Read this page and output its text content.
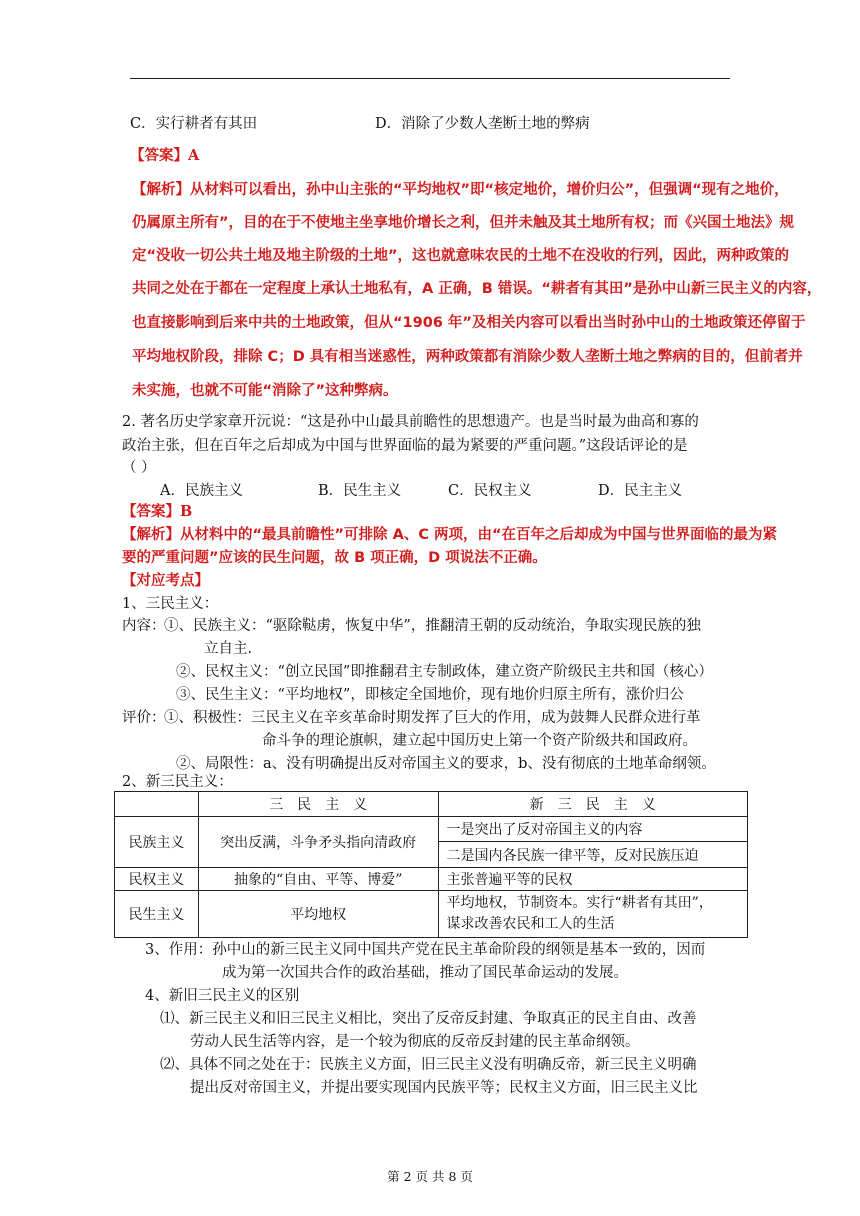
C．实行耕者有其田	D．消除了少数人垄断土地的弊病
【答案】A
【解析】从材料可以看出，孙中山主张的“平均地权”即“核定地价，增价归公”，但强调“现有之地价，
仍属原主所有”，目的在于不使地主坐享地价增长之利，但并未触及其土地所有权；而《兴国土地法》规
定“没收一切公共土地及地主阶级的土地”，这也就意味农民的土地不在没收的行列，因此，两种政策的
共同之处在于都在一定程度上承认土地私有，A 正确，B 错误。“耕者有其田”是孙中山新三民主义的内容，
也直接影响到后来中共的土地政策，但从“1906 年”及相关内容可以看出当时孙中山的土地政策还停留于
平均地权阶段，排除 C；D 具有相当迷惑性，两种政策都有消除少数人垄断土地之弊病的目的，但前者并
未实施，也就不可能“消除了”这种弊病。
2. 著名历史学家章开沅说：“这是孙中山最具前瞻性的思想遗产。也是当时最为曲高和寡的
政治主张，但在百年之后却成为中国与世界面临的最为紧要的严重问题。”这段话评论的是
（ ）
A．民族主义	B．民生主义	C．民权主义	D．民主主义
【答案】B
【解析】从材料中的“最具前瞻性”可排除 A、C 两项，由“在百年之后却成为中国与世界面临的最为紧
要的严重问题”应该的民生问题，故 B 项正确，D 项说法不正确。
【对应考点】
1、三民主义：
内容：
①、民族主义：“驱除鞑虏，恢复中华”，推翻清王朝的反动统治，争取实现民族的独
立自主.
②、民权主义：“创立民国”即推翻君主专制政体，建立资产阶级民主共和国（核心）
③、民生主义：“平均地权”，即核定全国地价，现有地价归原主所有，涨价归公
评价：
①、积极性：三民主义在辛亥革命时期发挥了巨大的作用，成为鼓舞人民群众进行革
命斗争的理论旗帜，建立起中国历史上第一个资产阶级共和国政府。
②、局限性：a、没有明确提出反对帝国主义的要求，b、没有彻底的土地革命纲领。
2、新三民主义：
	三　民　主　义	新　三　民　主　义
民族主义	突出反满，斗争矛头指向清政府	一是突出了反对帝国主义的内容
		二是国内各民族一律平等，反对民族压迫
民权主义	抽象的“自由、平等、博爱”	主张普遍平等的民权
民生主义	平均地权	平均地权，节制资本。实行“耕者有其田”，
谋求改善农民和工人的生活
3、作用：孙中山的新三民主义同中国共产党在民主革命阶段的纲领是基本一致的，因而
成为第一次国共合作的政治基础，推动了国民革命运动的发展。
4、新旧三民主义的区别
⑴、新三民主义和旧三民主义相比，突出了反帝反封建、争取真正的民主自由、改善
劳动人民生活等内容，是一个较为彻底的反帝反封建的民主革命纲领。
⑵、具体不同之处在于：民族主义方面，旧三民主义没有明确反帝，新三民主义明确
提出反对帝国主义，并提出要实现国内民族平等；民权主义方面，旧三民主义比
第 2 页 共 8 页
